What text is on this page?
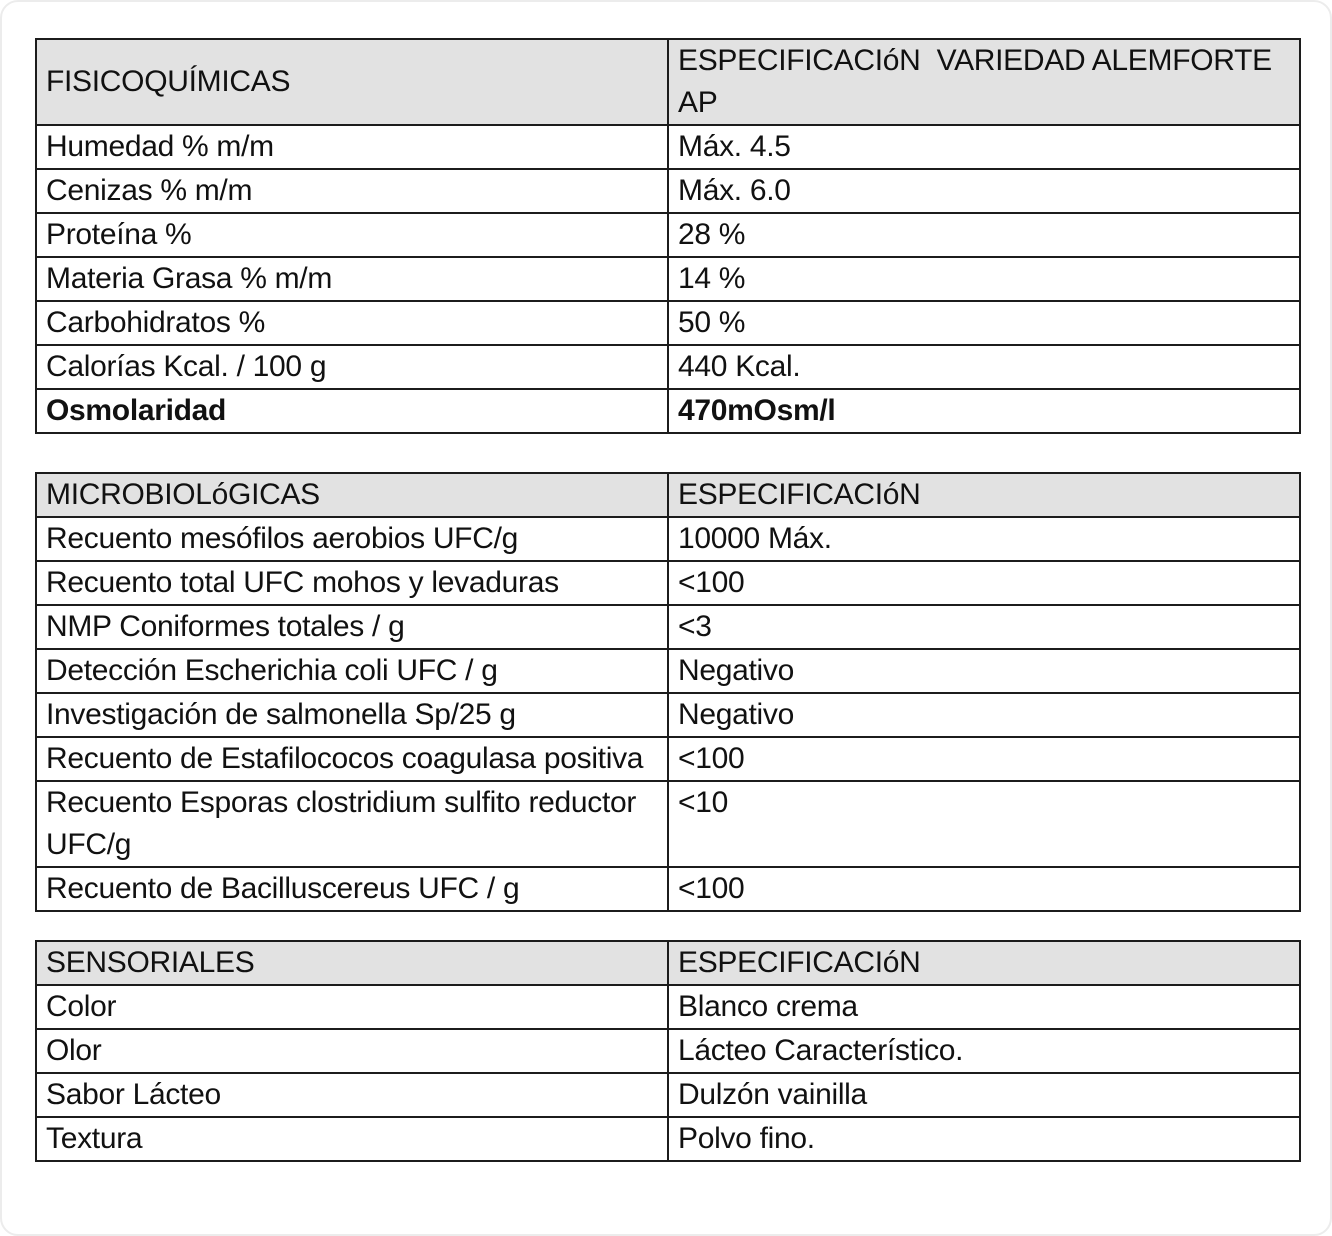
FISICOQUÍMICAS	ESPECIFICACIóN  VARIEDAD ALEMFORTE AP
Humedad % m/m	Máx. 4.5
Cenizas % m/m	Máx. 6.0
Proteína %	28 %
Materia Grasa % m/m	14 %
Carbohidratos %	50 %
Calorías Kcal. / 100 g	440 Kcal.
Osmolaridad	470mOsm/l
MICROBIOLóGICAS	ESPECIFICACIóN
Recuento mesófilos aerobios UFC/g	10000 Máx.
Recuento total UFC mohos y levaduras	<100
NMP Coniformes totales / g	<3
Detección Escherichia coli UFC / g	Negativo
Investigación de salmonella Sp/25 g	Negativo
Recuento de Estafilococos coagulasa positiva	<100
Recuento Esporas clostridium sulfito reductor UFC/g	<10
Recuento de Bacilluscereus UFC / g	<100
SENSORIALES	ESPECIFICACIóN
Color	Blanco crema
Olor	Lácteo Característico.
Sabor Lácteo	Dulzón vainilla
Textura	Polvo fino.
